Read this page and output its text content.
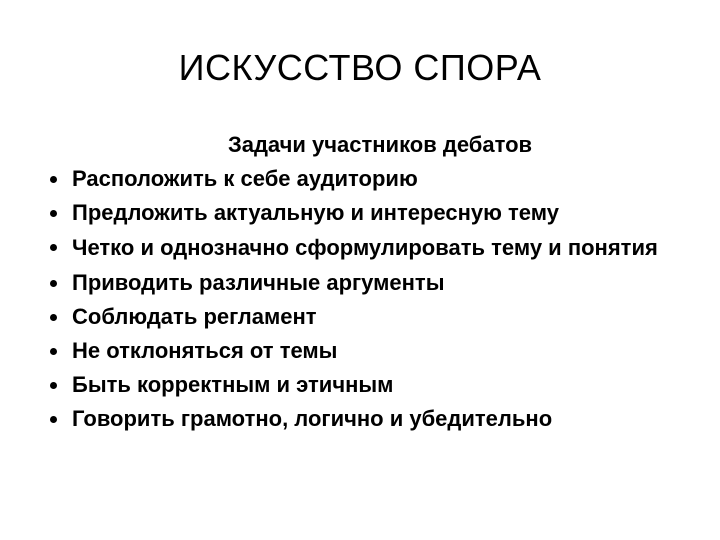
ИСКУССТВО СПОРА
Задачи участников дебатов
Расположить к себе аудиторию
Предложить актуальную и интересную тему
Четко и однозначно сформулировать тему и понятия
Приводить различные аргументы
Соблюдать регламент
Не отклоняться от темы
Быть корректным и этичным
Говорить грамотно, логично и убедительно
